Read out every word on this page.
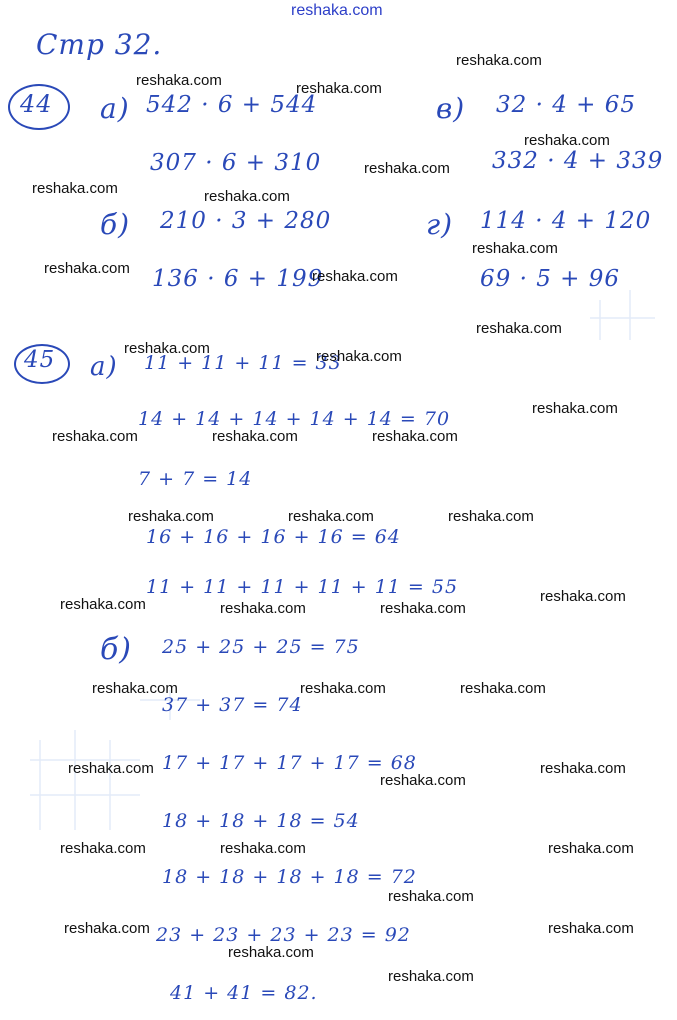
reshaka.com
Стр 32.
44 а) 542 · 6 + 544
307 · 6 + 310
б) 210 · 3 + 280
136 · 6 + 199
в) 32 · 4 + 65
332 · 4 + 339
г) 114 · 4 + 120
69 · 5 + 96
45 а) 11 + 11 + 11 = 33
14 + 14 + 14 + 14 + 14 = 70
7 + 7 = 14
16 + 16 + 16 + 16 = 64
11 + 11 + 11 + 11 + 11 = 55
б) 25 + 25 + 25 = 75
37 + 37 = 74
17 + 17 + 17 + 17 = 68
18 + 18 + 18 = 54
18 + 18 + 18 + 18 = 72
23 + 23 + 23 + 23 = 92
41 + 41 = 82.
reshaka.com	reshaka.com
reshaka.com
reshaka.com
reshaka.com
reshaka.com	reshaka.com
reshaka.com
reshaka.com	reshaka.com
reshaka.com
reshaka.com	reshaka.com
reshaka.com
reshaka.com	reshaka.com	reshaka.com
reshaka.com	reshaka.com	reshaka.com
reshaka.com
reshaka.com	reshaka.com	reshaka.com
reshaka.com	reshaka.com	reshaka.com
reshaka.com	reshaka.com
reshaka.com
reshaka.com	reshaka.com	reshaka.com
reshaka.com
reshaka.com	reshaka.com
reshaka.com
reshaka.com
